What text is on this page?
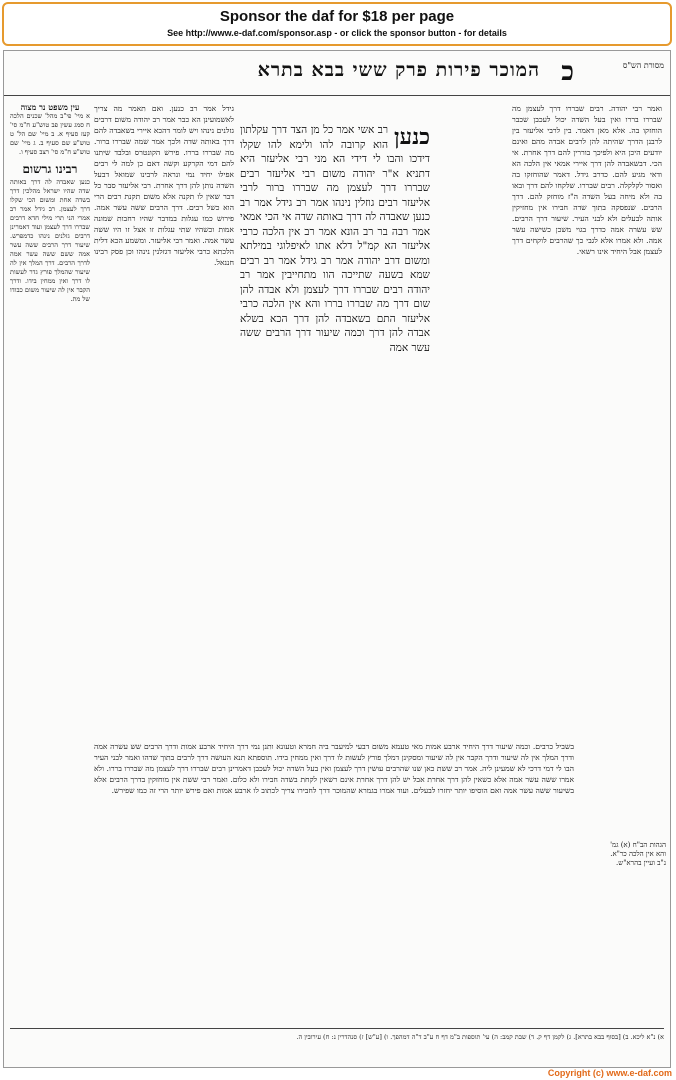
Sponsor the daf for $18 per page
See http://www.e-daf.com/sponsor.asp - or click the sponsor button - for details
מסורת הש"ס
המוכר פירות פרק ששי בבא בתרא כ
ואמר רבי יהודה. רבים שבררו דרך לעצמן מה שבררו בררו ואין בעל השדה יכול לעכבן שכבר הוחזקו בה. אלא מאן דאמר. בין לרבי אליעזר בין לרבנן הדרך שהיתה להן לרבים אבדה מהם ואינם יודעים היכן היא ולפיכך בוררין להם דרך אחרת. אי הכי. דבשאבדה להן דרך איירי אמאי אין הלכה הא ודאי מגיע להם. כדרב גידל. דאמר שהוחזקו בה ואסור לקלקלה. רבים שבררו. שלקחו להם דרך ובאו בה ולא מיחה בעל השדה ה"ז מוחזק להם. דרך הרבים. שנפסקה בתוך שדה חבירו אין מחזיקין אותה לבעלים ולא לבני העיר. שיעור דרך הרבים. שש עשרה אמה כדרך בגוי משכן כשישה עשר אמה. ולא אמרו אלא לגבי כך שהרבים לוקחים דרך לעצמן אבל היחיד אינו רשאי.
כנען
רב אשי אמר כל מן הצד דרך עקלתון הוא קרובה להו ולימא להו שקלו דידכו והבו לי דידי הא מני רבי אליעזר היא דתניא א"ר יהודה משום רבי אליעזר רבים שבררו דרך לעצמן מה שבררו ברור לרבי אליעזר רבים גוזלין נינהו אמר רב גידל אמר רב כנען שאבדה לה דרך באותה שדה אי הכי אמאי אמר רבה בר רב הונא אמר רב אין הלכה כרבי אליעזר הא קמ"ל דלא אתו לאיפלוגי במילתא ומשום דרב יהודה אמר רב גידל אמר רב רבים שמא בשעה שתייכה הוו מתחייבין אמר רב יהודה רבים שבררו דרך לעצמן ולא אבדה להן שום דרך מה שבררו בררו והא אין הלכה כרבי אליעזר התם בשאבדה להן דרך הכא בשלא אבדה להן דרך וכמה שיעור דרך הרבים ששה עשר אמה
גידל אמר רב כנען. ואם תאמר מה צריך לאשמועינן הא כבר אמר רב יהודה משום דרבים גזלנים נינהו ויש לומר דהכא איירי בשאבדה להם דרך באותה שדה ולכך אמר שמה שבררו ברור. מה שבררו בררו. פירש הקונטרס ובלבד שיתנו להם דמי הקרקע וקשה דאם כן למה לי רבים אפילו יחיד נמי ונראה לרבינו שמואל דבעל השדה נותן להן דרך אחרת. רבי אליעזר סבר כל דבר שאין לו תקנה אלא משום תקנת רבים הרי הוא כשל רבים. דרך הרבים ששה עשר אמה. פירוש כמו עגלות במדבר שהיו רחבות שמונה אמות וכשהיו שתי עגלות זו אצל זו היו ששה עשר אמה. ואמר רבי אליעזר. ומשמע הכא דלית הלכתא כרבי אליעזר דגזלנין נינהו וכן פסק רבינו חננאל.
עין משפט נר מצוה
א מיי' פי"ב מהל' שכנים הלכה ח סמג עשין פב טוש"ע ח"מ סי' קעז סעיף א. ב מיי' שם הל' ט טוש"ע שם סעיף ב. ג מיי' שם טוש"ע ח"מ סי' רצב סעיף ו.
רבינו גרשום
כנען שאבדה לה דרך באותה שדה שהיו ישראל מהלכין דרך בשדה אחת ומשום הכי שקלו דרך לעצמן. רב גידל אמר רב אמרי הני תרי מילי חדא דרבים שבררו דרך לעצמן ועוד דאמרינן דרבים גזלנים נינהו כדמפרש. שיעור דרך הרבים ששה עשר אמה ששם ששה עשר אמה לדרך הרבים. דרך המלך אין לה שיעור שהמלך פורץ גדר לעשות לו דרך ואין ממחין בידו. ודרך הקבר אין לה שיעור משום כבודו של מת.
הגהות הב"ח (א) גמ' והא אין הלכה כר"א. נ"ב ועיין בהרא"ש.
בשביל כרבים. וכמה שיעור דרך היחיד ארבע אמות מאי טעמא משום דבעי למיעבר ביה חמרא וטעונא ותנן נמי דרך היחיד ארבע אמות ודרך הרבים שש עשרה אמה ודרך המלך אין לה שיעור ודרך הקבר אין לה שיעור ומסקינן דמלך פורץ לעשות לו דרך ואין ממחין בידו. תוספתא תנא העושה דרך לרבים בתוך שדהו ואמר לבני העיר הבו לי דמי דרכי לא שמעינן ליה. אמר רב ששת כאן שנו שהרבים עושין דרך לעצמן ואין בעל השדה יכול לעכבן דאמרינן רבים שבררו דרך לעצמן מה שבררו בררו. ולא אמרו ששה עשר אמה אלא כשאין להן דרך אחרת אבל יש להן דרך אחרת אינם רשאין לקחת בשדה חבירו ולא כלום. ואמר רבי ששת אין מוחזקין בדרך הרבים אלא בשיעור ששה עשר אמה ואם הוסיפו יותר יחזרו לבעלים. ועוד אמרו בגמרא שהמוכר דרך לחבירו צריך לכתוב לו ארבע אמות ואם פירש יותר הרי זה כמו שפירש.
א) נ"א ליכא. ב) [בסוף בבא בתרא]. ג) לקמן דף ק. ד) שבת קמב: ה) עי' תוספות ב"מ דף ח ע"ב ד"ה דמהפך. ו) [ע"ש] ז) סנהדרין נ: ח) עירובין ה.
Copyright (c) www.e-daf.com
